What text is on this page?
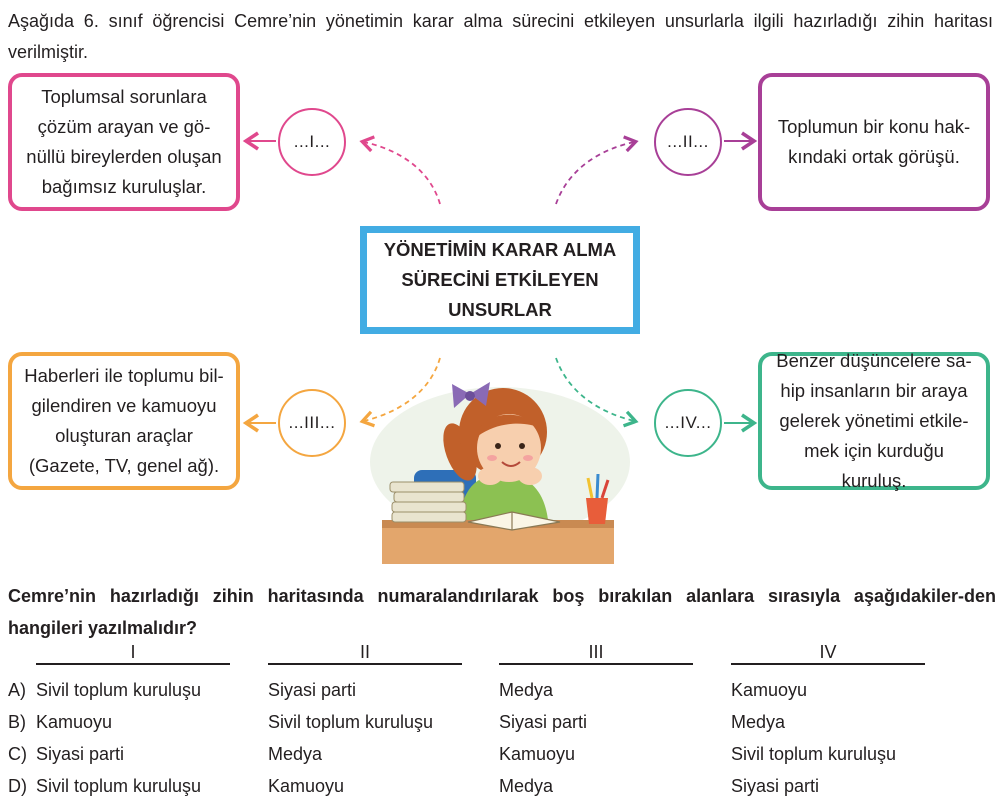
Aşağıda 6. sınıf öğrencisi Cemre’nin yönetimin karar alma sürecini etkileyen unsurlarla ilgili hazırladığı zihin haritası verilmiştir.
Toplumsal sorunlara
çözüm arayan ve gö-
nüllü bireylerden oluşan
bağımsız kuruluşlar.
Toplumun bir konu hak-
kındaki ortak görüşü.
Haberleri ile toplumu bil-
gilendiren ve kamuoyu
oluşturan araçlar
(Gazete, TV, genel ağ).
Benzer düşüncelere sa-
hip insanların bir araya
gelerek yönetimi etkile-
mek için kurduğu kuruluş.
...I...	...II...
...III...	...IV...
YÖNETİMİN KARAR ALMA
SÜRECİNİ ETKİLEYEN
UNSURLAR
Cemre’nin hazırladığı zihin haritasında numaralandırılarak boş bırakılan alanlara sırasıyla aşağıdakiler-den hangileri yazılmalıdır?
I	II	III	IV
A) Sivil toplum kuruluşu	Siyasi parti	Medya	Kamuoyu
B) Kamuoyu	Sivil toplum kuruluşu	Siyasi parti	Medya
C) Siyasi parti	Medya	Kamuoyu	Sivil toplum kuruluşu
D) Sivil toplum kuruluşu	Kamuoyu	Medya	Siyasi parti
